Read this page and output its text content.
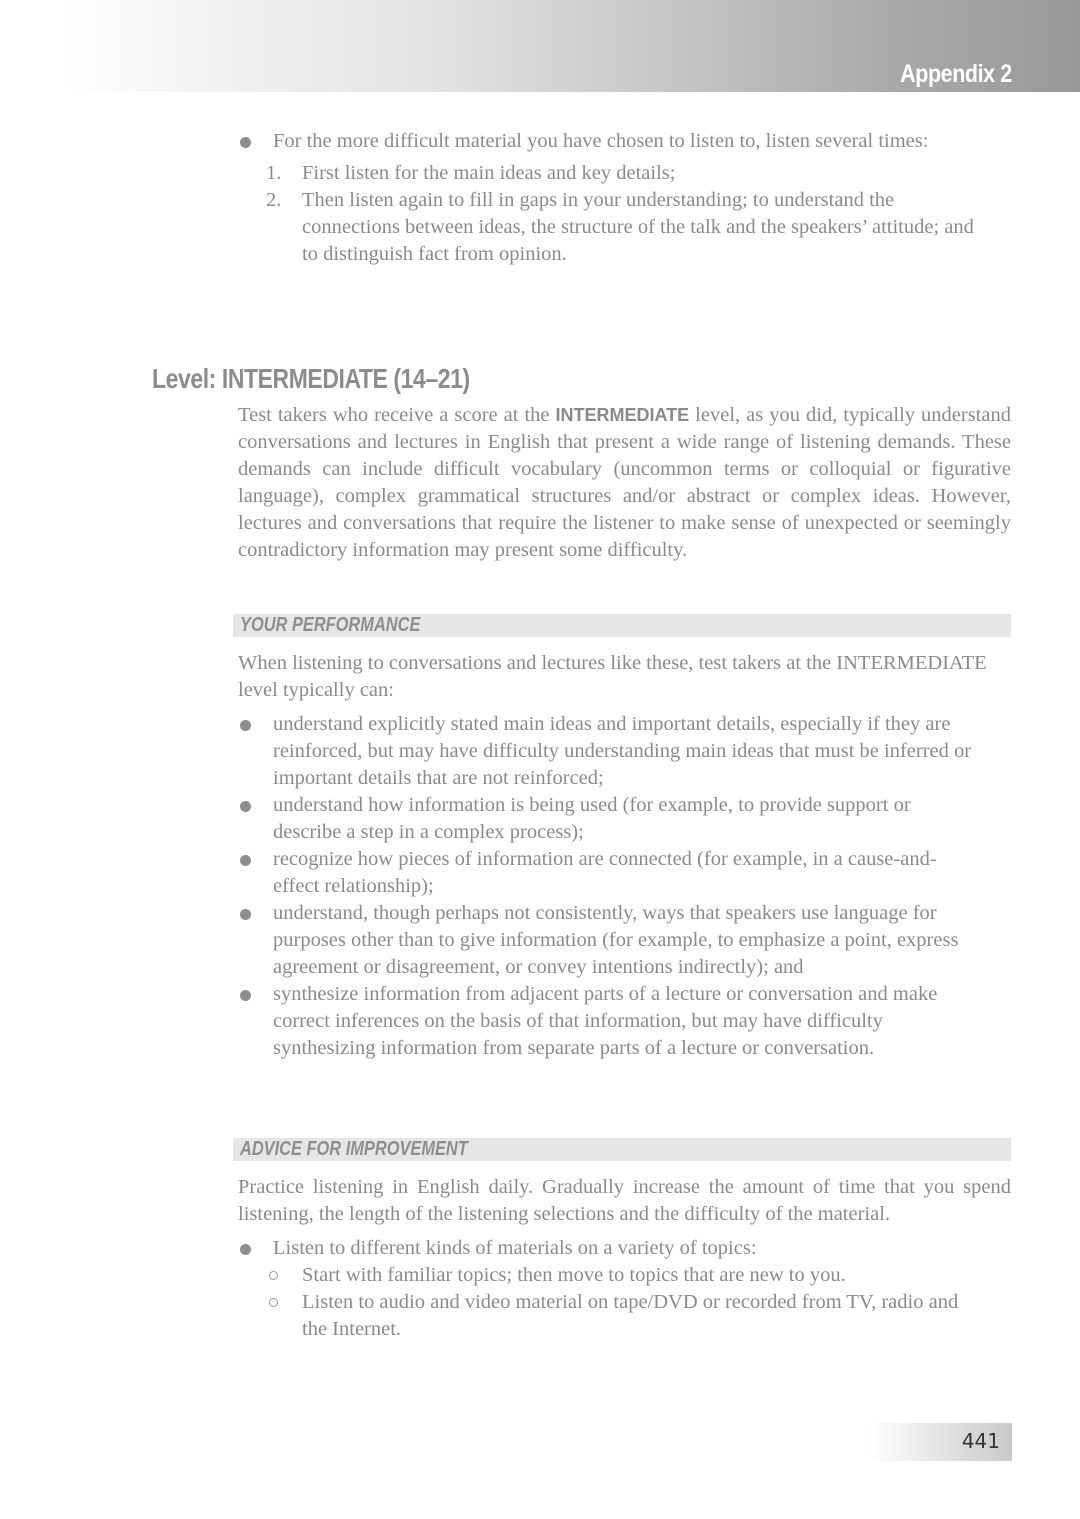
Appendix 2
For the more difficult material you have chosen to listen to, listen several times:
1. First listen for the main ideas and key details;
2. Then listen again to fill in gaps in your understanding; to understand the connections between ideas, the structure of the talk and the speakers’ attitude; and to distinguish fact from opinion.
Level: INTERMEDIATE (14–21)
Test takers who receive a score at the INTERMEDIATE level, as you did, typically understand conversations and lectures in English that present a wide range of listening demands. These demands can include difficult vocabulary (uncommon terms or colloquial or figurative language), complex grammatical structures and/or abstract or complex ideas. However, lectures and conversations that require the listener to make sense of unexpected or seemingly contradictory information may present some difficulty.
YOUR PERFORMANCE
When listening to conversations and lectures like these, test takers at the INTERMEDIATE level typically can:
understand explicitly stated main ideas and important details, especially if they are reinforced, but may have difficulty understanding main ideas that must be inferred or important details that are not reinforced;
understand how information is being used (for example, to provide support or describe a step in a complex process);
recognize how pieces of information are connected (for example, in a cause-and-effect relationship);
understand, though perhaps not consistently, ways that speakers use language for purposes other than to give information (for example, to emphasize a point, express agreement or disagreement, or convey intentions indirectly); and
synthesize information from adjacent parts of a lecture or conversation and make correct inferences on the basis of that information, but may have difficulty synthesizing information from separate parts of a lecture or conversation.
ADVICE FOR IMPROVEMENT
Practice listening in English daily. Gradually increase the amount of time that you spend listening, the length of the listening selections and the difficulty of the material.
Listen to different kinds of materials on a variety of topics:
Start with familiar topics; then move to topics that are new to you.
Listen to audio and video material on tape/DVD or recorded from TV, radio and the Internet.
441
